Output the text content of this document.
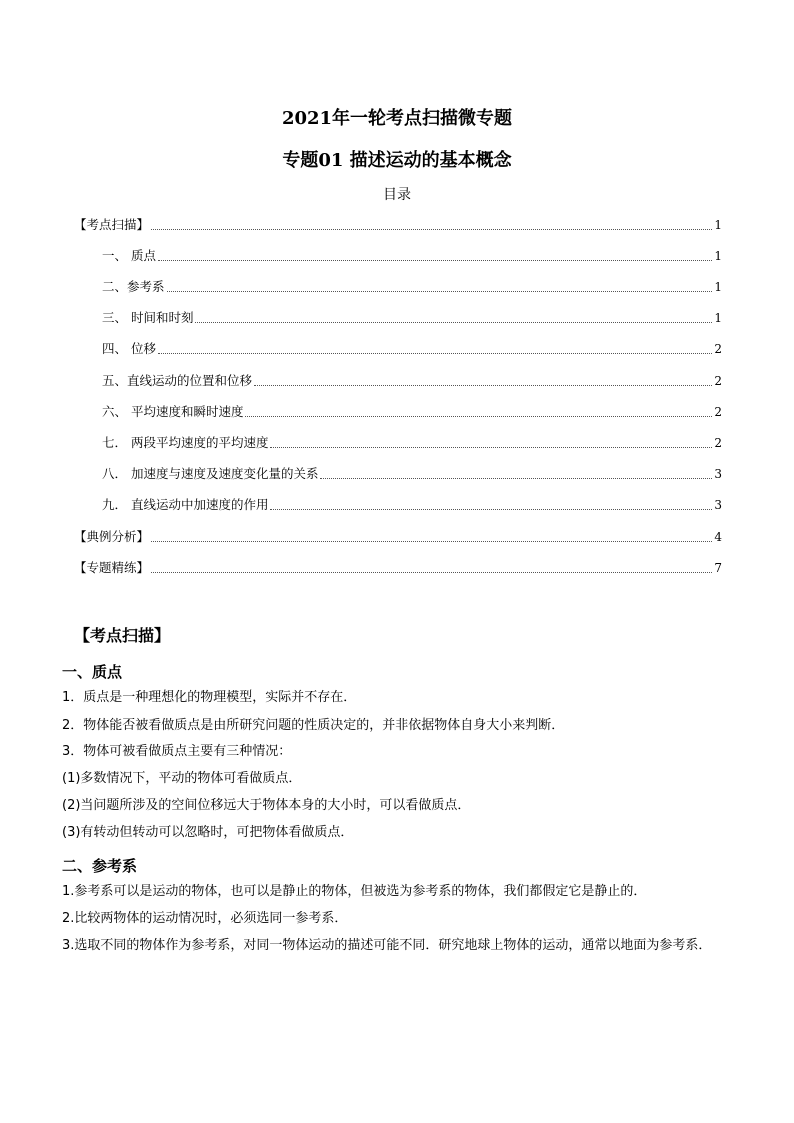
2021年一轮考点扫描微专题
专题01 描述运动的基本概念
目录
【考点扫描】	1
一、 质点	1
二、参考系	1
三、 时间和时刻	1
四、 位移	2
五、直线运动的位置和位移	2
六、 平均速度和瞬时速度	2
七． 两段平均速度的平均速度	2
八． 加速度与速度及速度变化量的关系	3
九． 直线运动中加速度的作用	3
【典例分析】	4
【专题精练】	7
【考点扫描】
一、质点
1．质点是一种理想化的物理模型，实际并不存在．
2．物体能否被看做质点是由所研究问题的性质决定的，并非依据物体自身大小来判断．
3．物体可被看做质点主要有三种情况：
(1)多数情况下，平动的物体可看做质点．
(2)当问题所涉及的空间位移远大于物体本身的大小时，可以看做质点．
(3)有转动但转动可以忽略时，可把物体看做质点．
二、参考系
1.参考系可以是运动的物体，也可以是静止的物体，但被选为参考系的物体，我们都假定它是静止的．
2.比较两物体的运动情况时，必须选同一参考系．
3.选取不同的物体作为参考系，对同一物体运动的描述可能不同．研究地球上物体的运动，通常以地面为参考系．
